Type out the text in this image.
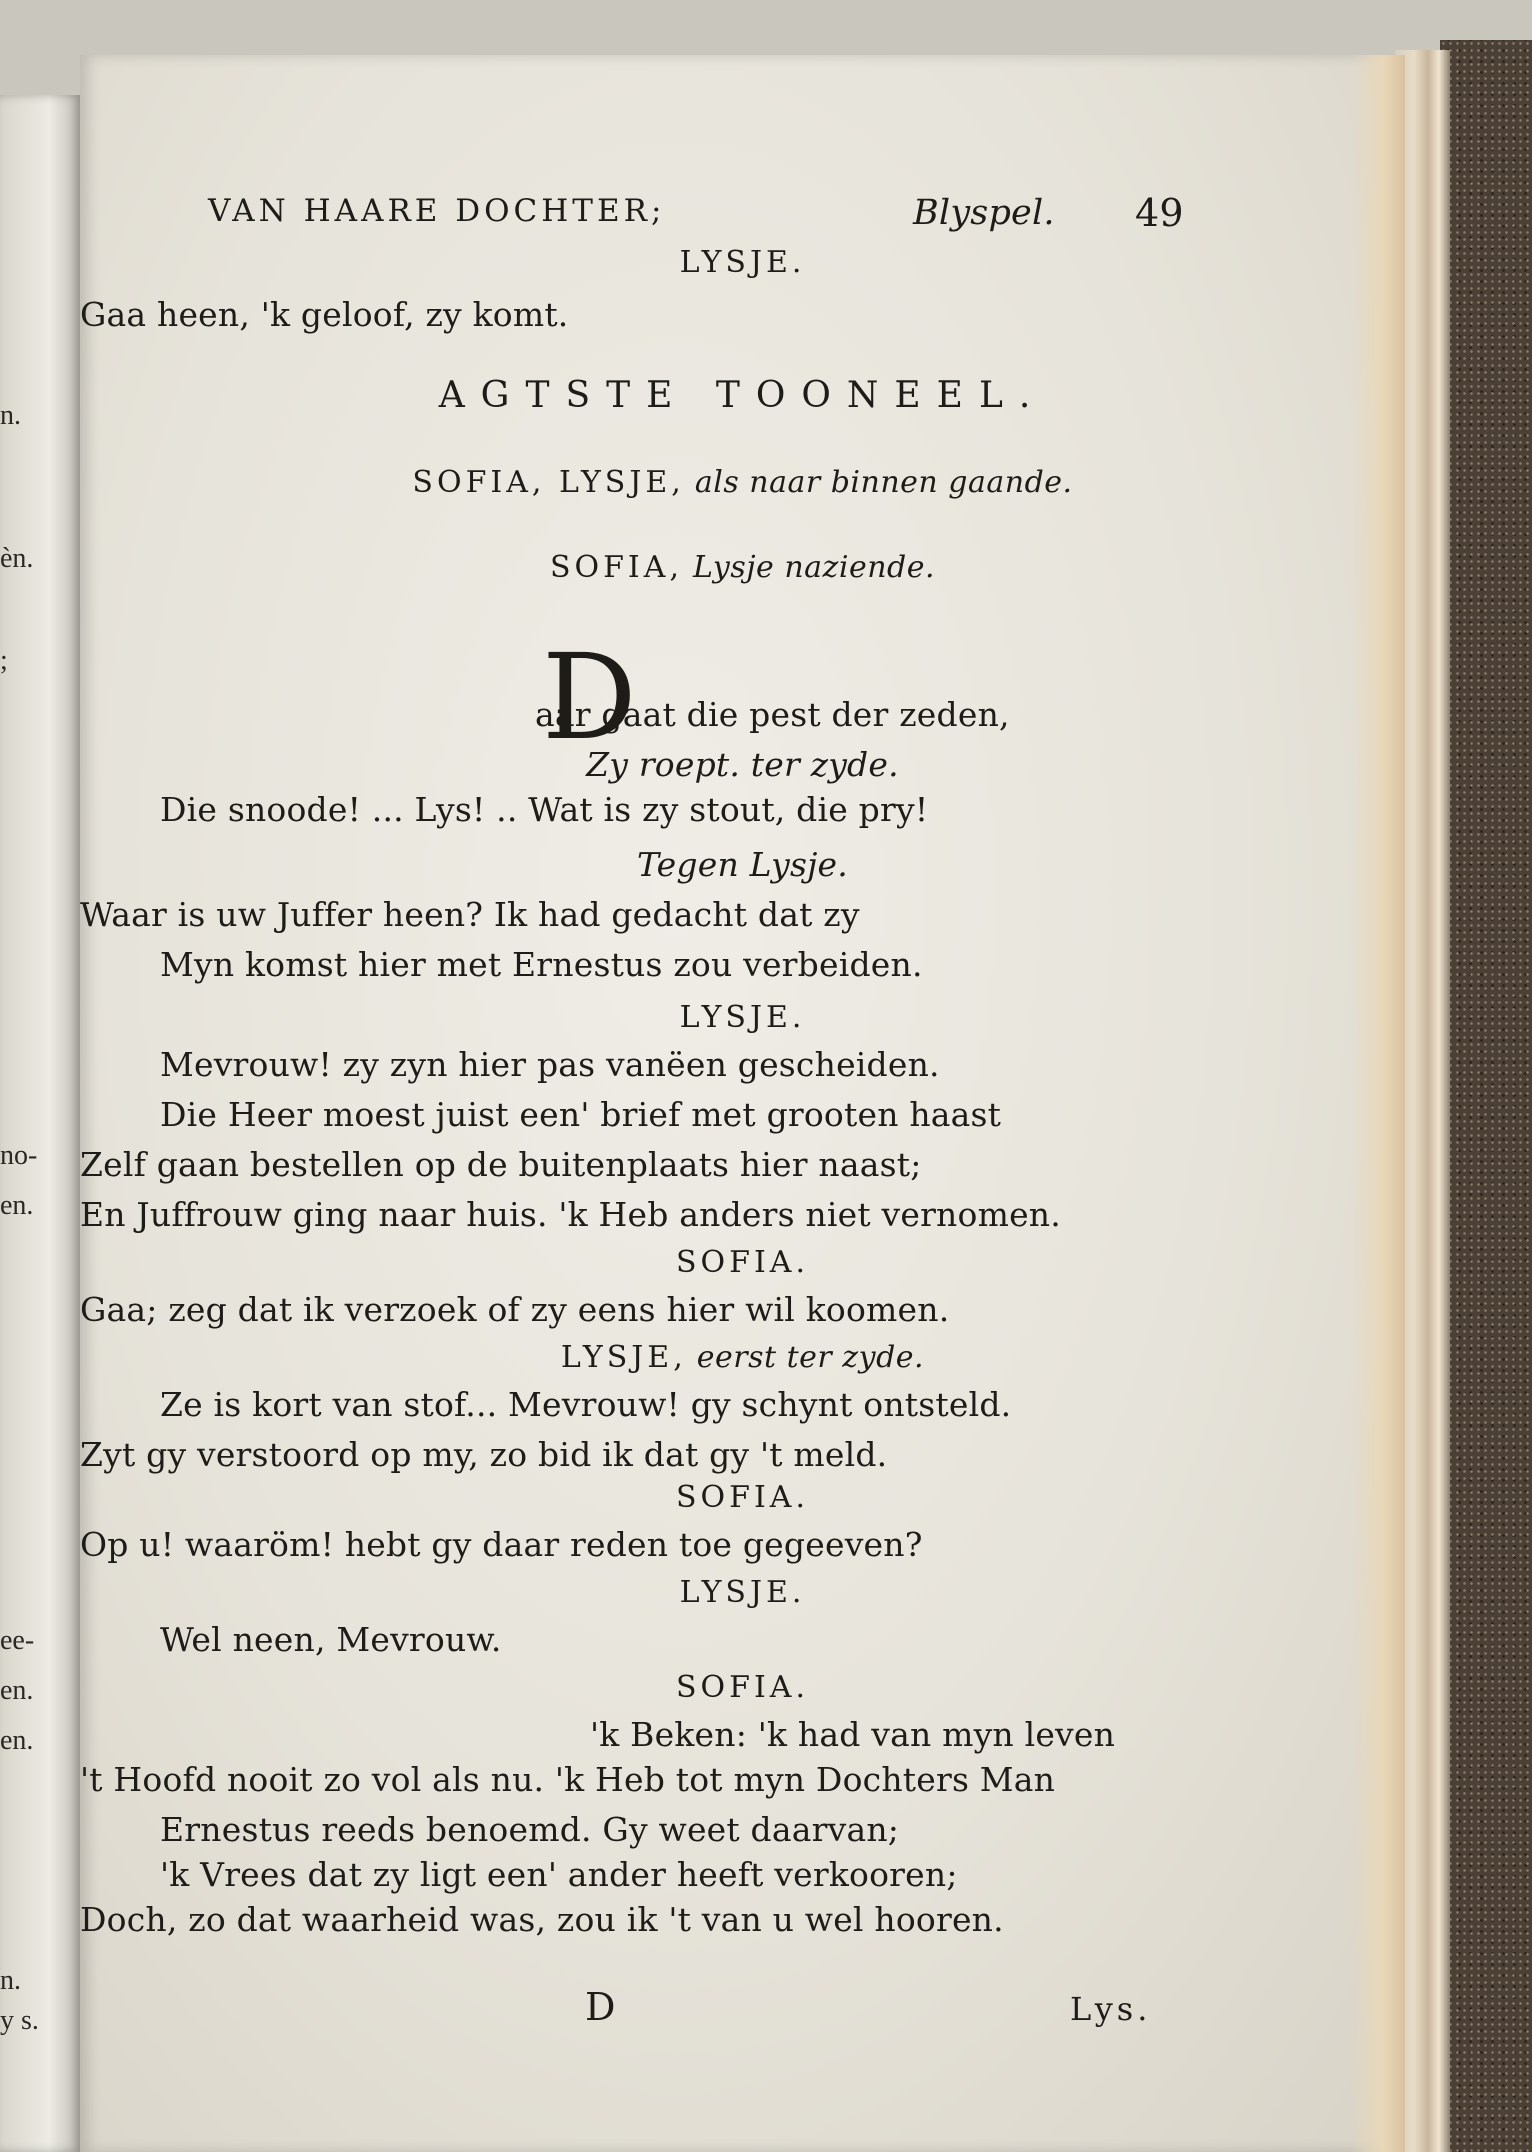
n.
èn.
;
no-
en.
ee-
en.
en.
n.
y s.
VAN HAARE DOCHTER;	Blyspel. 49
D
LYSJE.
Gaa heen, 'k geloof, zy komt.
AGTSTE TOONEEL.
SOFIA, LYSJE, als naar binnen gaande.
SOFIA, Lysje naziende.
aar gaat die pest der zeden,
Zy roept. ter zyde.
Die snoode! ... Lys! .. Wat is zy stout, die pry!
Tegen Lysje.
Waar is uw Juffer heen? Ik had gedacht dat zy
Myn komst hier met Ernestus zou verbeiden.
LYSJE.
Mevrouw! zy zyn hier pas vanëen gescheiden.
Die Heer moest juist een' brief met grooten haast
Zelf gaan bestellen op de buitenplaats hier naast;
En Juffrouw ging naar huis. 'k Heb anders niet vernomen.
SOFIA.
Gaa; zeg dat ik verzoek of zy eens hier wil koomen.
LYSJE, eerst ter zyde.
Ze is kort van stof... Mevrouw! gy schynt ontsteld.
Zyt gy verstoord op my, zo bid ik dat gy 't meld.
SOFIA.
Op u! waaröm! hebt gy daar reden toe gegeeven?
LYSJE.
Wel neen, Mevrouw.
SOFIA.
'k Beken: 'k had van myn leven
't Hoofd nooit zo vol als nu. 'k Heb tot myn Dochters Man
Ernestus reeds benoemd. Gy weet daarvan;
'k Vrees dat zy ligt een' ander heeft verkooren;
Doch, zo dat waarheid was, zou ik 't van u wel hooren.
D	Lys.
